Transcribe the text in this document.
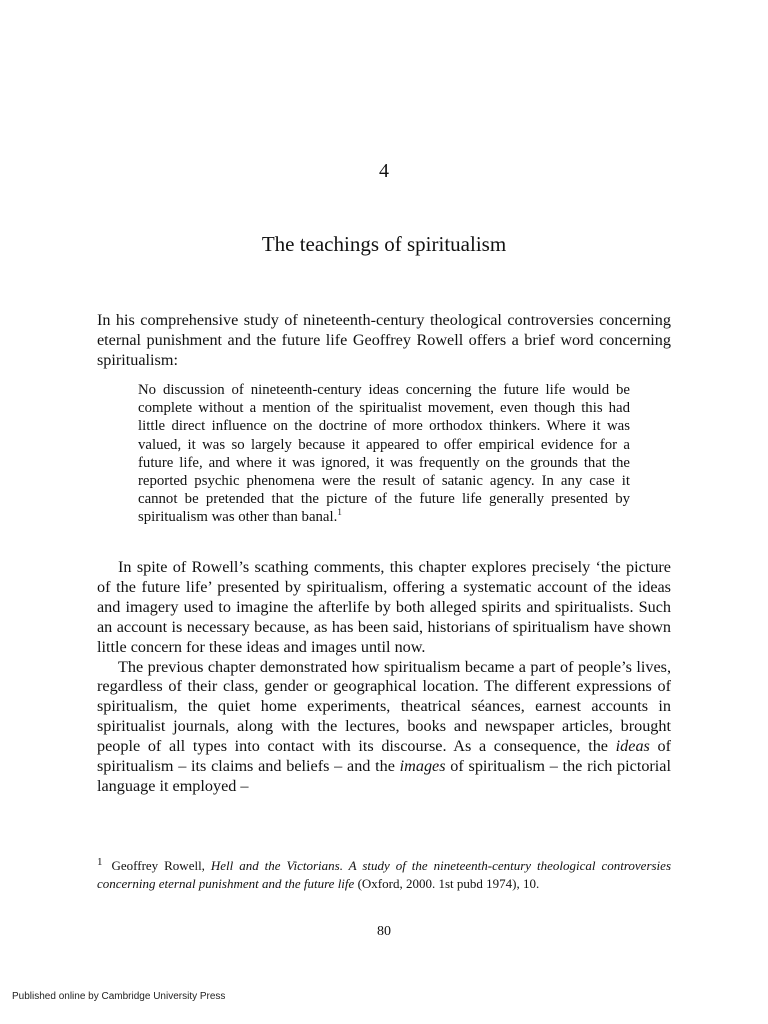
4
The teachings of spiritualism

In his comprehensive study of nineteenth-century theological controversies concerning eternal punishment and the future life Geoffrey Rowell offers a brief word concerning spiritualism:

No discussion of nineteenth-century ideas concerning the future life would be complete without a mention of the spiritualist movement, even though this had little direct influence on the doctrine of more orthodox thinkers. Where it was valued, it was so largely because it appeared to offer empirical evidence for a future life, and where it was ignored, it was frequently on the grounds that the reported psychic phenomena were the result of satanic agency. In any case it cannot be pretended that the picture of the future life generally presented by spiritualism was other than banal.$^1$

In spite of Rowell’s scathing comments, this chapter explores precisely ‘the picture of the future life’ presented by spiritualism, offering a systematic account of the ideas and imagery used to imagine the afterlife by both alleged spirits and spiritualists. Such an account is necessary because, as has been said, historians of spiritualism have shown little concern for these ideas and images until now.

The previous chapter demonstrated how spiritualism became a part of people’s lives, regardless of their class, gender or geographical location. The different expressions of spiritualism, the quiet home experiments, theatrical séances, earnest accounts in spiritualist journals, along with the lectures, books and newspaper articles, brought people of all types into contact with its discourse. As a consequence, the ideas of spiritualism – its claims and beliefs – and the images of spiritualism – the rich pictorial language it employed –

$^1$ Geoffrey Rowell, Hell and the Victorians. A study of the nineteenth-century theological controversies concerning eternal punishment and the future life (Oxford, 2000. 1st pubd 1974), 10.
80
Published online by Cambridge University Press
